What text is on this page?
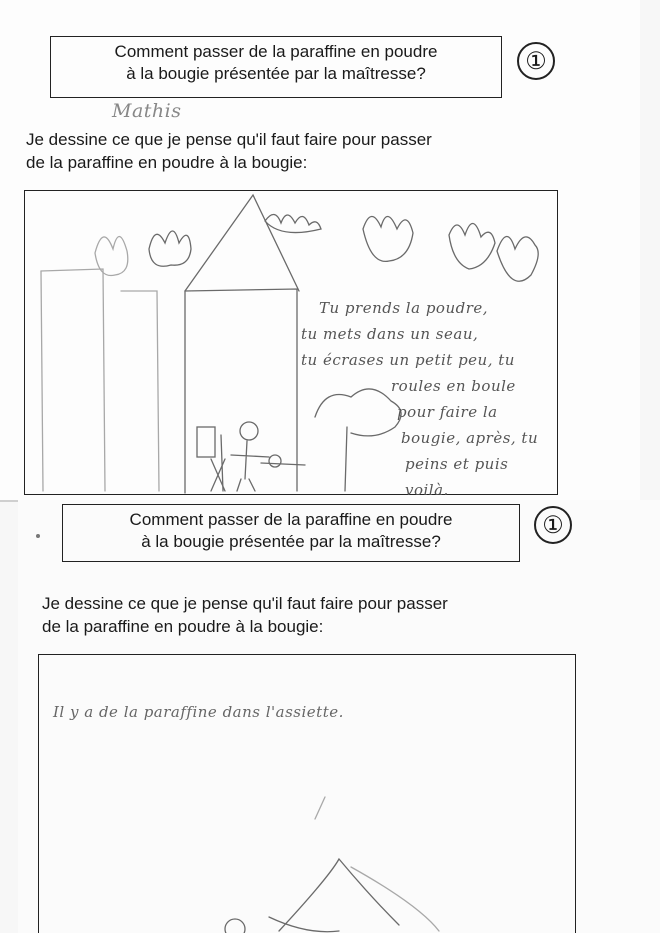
Comment passer de la paraffine en poudre
à la bougie présentée par la maîtresse?	①
Mathis
Je dessine ce que je pense qu'il faut faire pour passer
de la paraffine en poudre à la bougie:
Tu prends la poudre,
tu mets dans un seau,
tu écrases un petit peu, tu
roules en boule
pour faire la
bougie, après, tu
peins et puis voilà.
Comment passer de la paraffine en poudre
à la bougie présentée par la maîtresse?
①
Je dessine ce que je pense qu'il faut faire pour passer
de la paraffine en poudre à la bougie:
Il y a de la paraffine dans l'assiette.
